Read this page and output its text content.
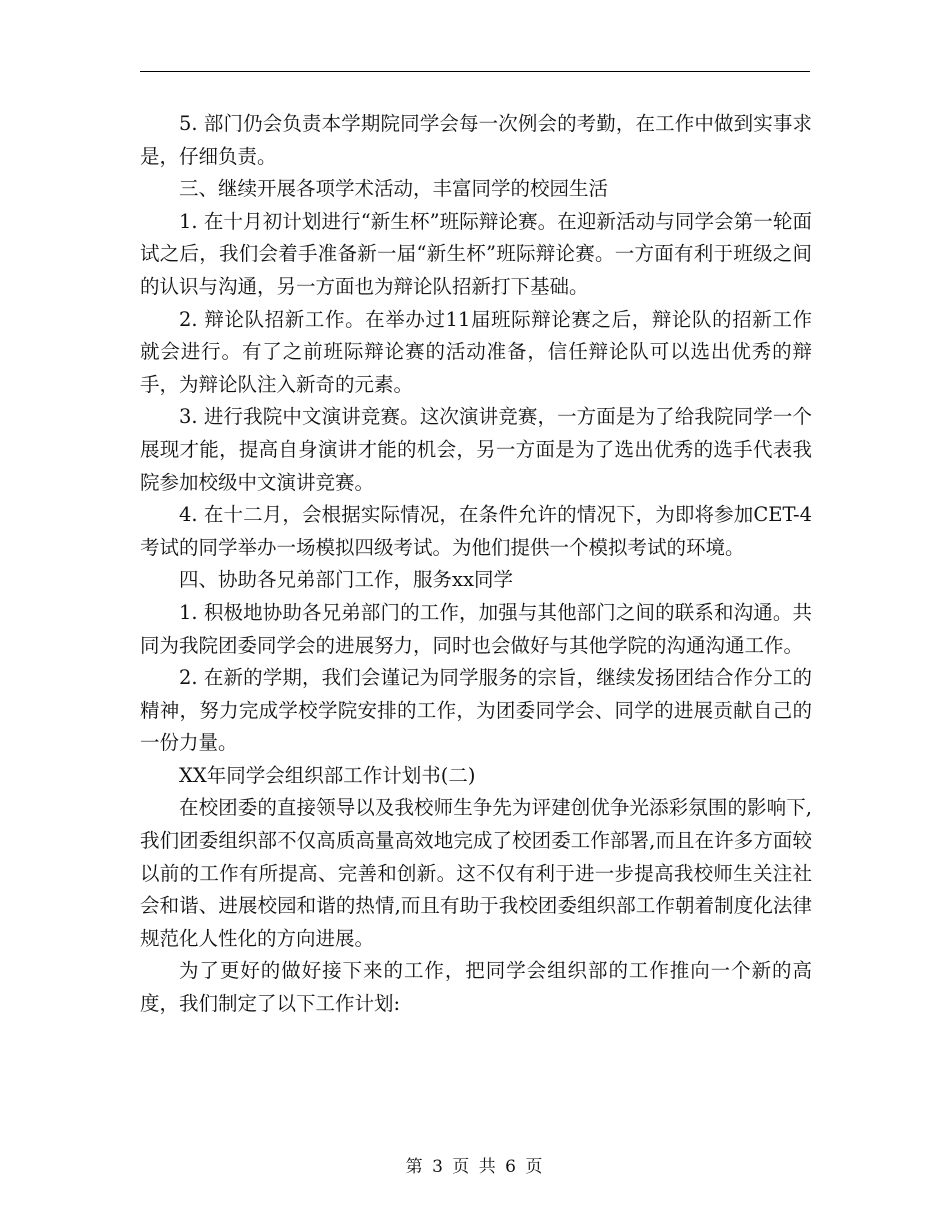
5. 部门仍会负责本学期院同学会每一次例会的考勤，在工作中做到实事求是，仔细负责。

三、继续开展各项学术活动，丰富同学的校园生活

1. 在十月初计划进行“新生杯”班际辩论赛。在迎新活动与同学会第一轮面试之后，我们会着手准备新一届“新生杯”班际辩论赛。一方面有利于班级之间的认识与沟通，另一方面也为辩论队招新打下基础。

2. 辩论队招新工作。在举办过11届班际辩论赛之后，辩论队的招新工作就会进行。有了之前班际辩论赛的活动准备，信任辩论队可以选出优秀的辩手，为辩论队注入新奇的元素。

3. 进行我院中文演讲竞赛。这次演讲竞赛，一方面是为了给我院同学一个展现才能，提高自身演讲才能的机会，另一方面是为了选出优秀的选手代表我院参加校级中文演讲竞赛。

4. 在十二月，会根据实际情况，在条件允许的情况下，为即将参加CET-4考试的同学举办一场模拟四级考试。为他们提供一个模拟考试的环境。

四、协助各兄弟部门工作，服务xx同学

1. 积极地协助各兄弟部门的工作，加强与其他部门之间的联系和沟通。共同为我院团委同学会的进展努力，同时也会做好与其他学院的沟通沟通工作。

2. 在新的学期，我们会谨记为同学服务的宗旨，继续发扬团结合作分工的精神，努力完成学校学院安排的工作，为团委同学会、同学的进展贡献自己的一份力量。

XX年同学会组织部工作计划书(二)

在校团委的直接领导以及我校师生争先为评建创优争光添彩氛围的影响下,我们团委组织部不仅高质高量高效地完成了校团委工作部署,而且在许多方面较以前的工作有所提高、完善和创新。这不仅有利于进一步提高我校师生关注社会和谐、进展校园和谐的热情,而且有助于我校团委组织部工作朝着制度化法律规范化人性化的方向进展。

为了更好的做好接下来的工作，把同学会组织部的工作推向一个新的高度，我们制定了以下工作计划:

第 3 页 共 6 页
